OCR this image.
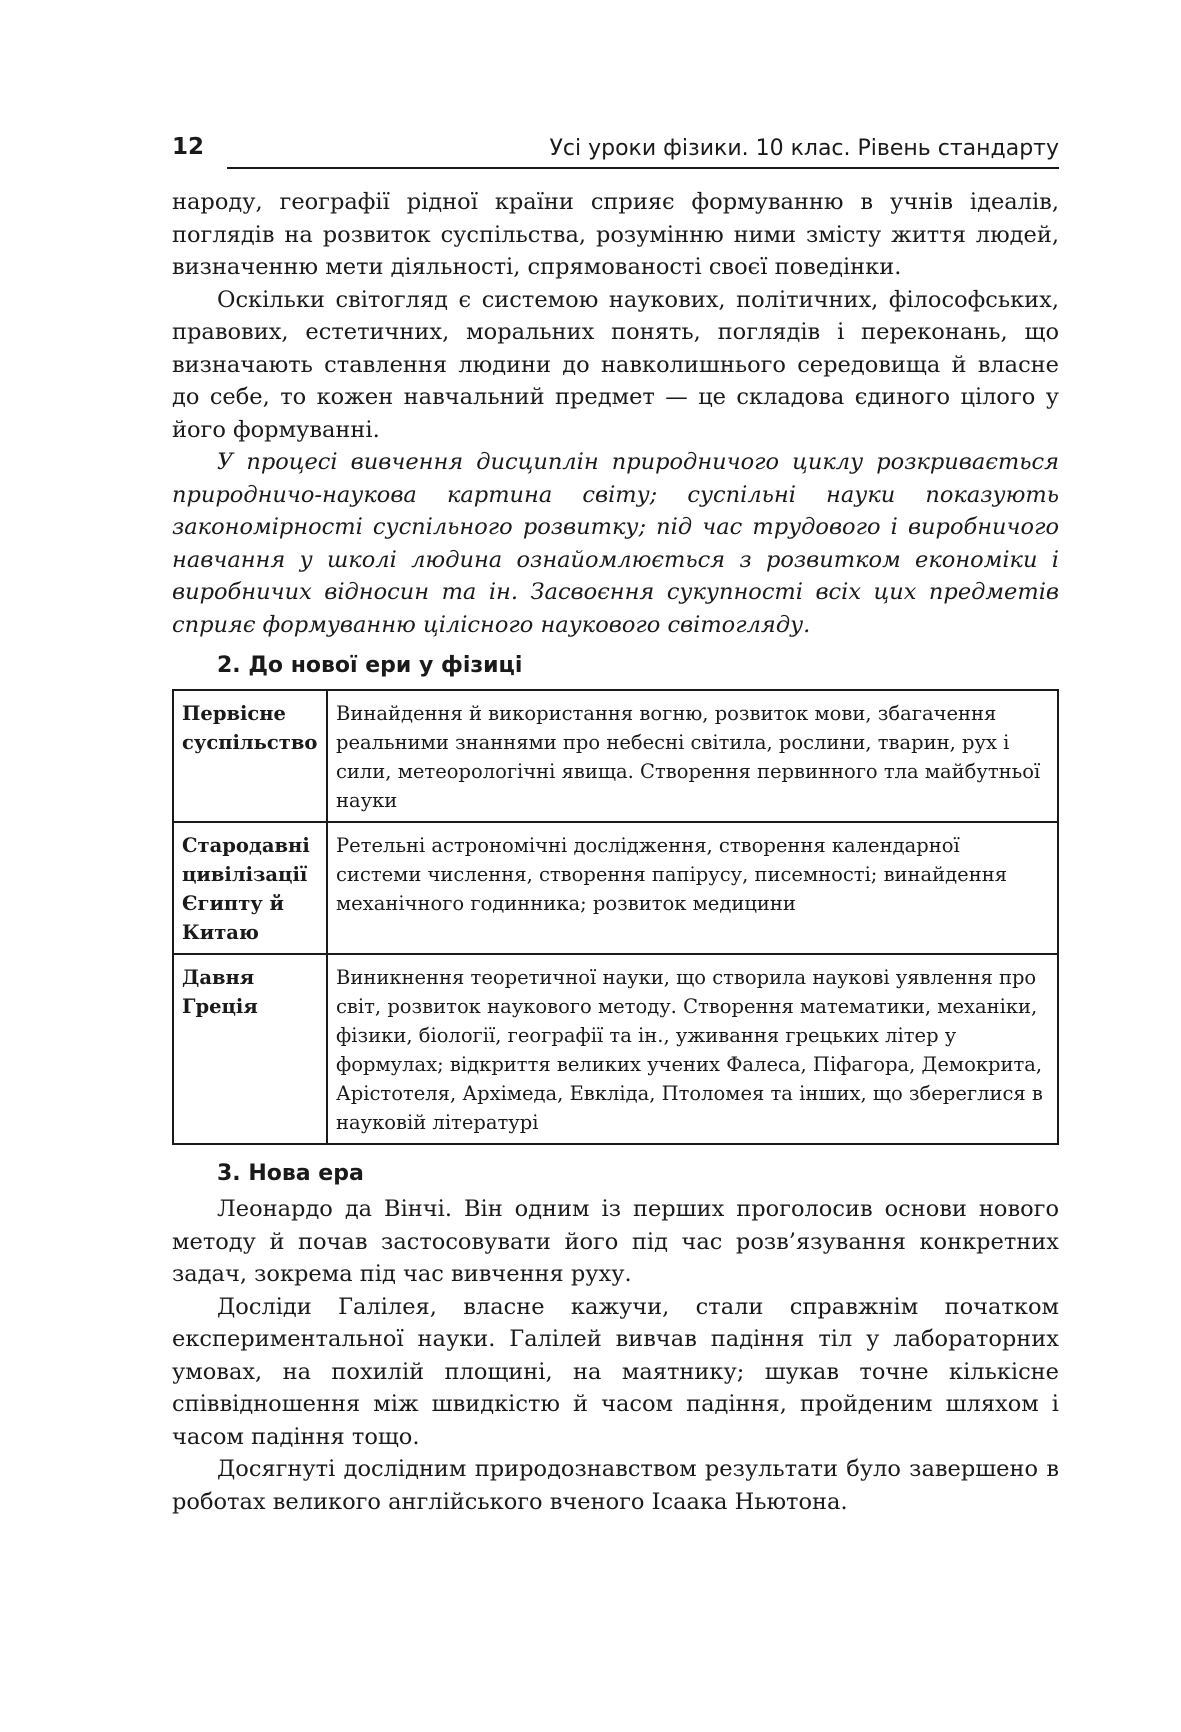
12	Усі уроки фізики. 10 клас. Рівень стандарту

народу, географії рідної країни сприяє формуванню в учнів ідеалів, поглядів на розвиток суспільства, розумінню ними змісту життя людей, визначенню мети діяльності, спрямованості своєї поведінки.

Оскільки світогляд є системою наукових, політичних, філософських, правових, естетичних, моральних понять, поглядів і переконань, що визначають ставлення людини до навколишнього середовища й власне до себе, то кожен навчальний предмет — це складова єдиного цілого у його формуванні.

У процесі вивчення дисциплін природничого циклу розкривається природничо-наукова картина світу; суспільні науки показують закономірності суспільного розвитку; під час трудового і виробничого навчання у школі людина ознайомлюється з розвитком економіки і виробничих відносин та ін. Засвоєння сукупності всіх цих предметів сприяє формуванню цілісного наукового світогляду.

2. До нової ери у фізиці
Первісне суспільство	Винайдення й використання вогню, розвиток мови, збагачення реальними знаннями про небесні світила, рослини, тварин, рух і сили, метеорологічні явища. Створення первинного тла майбутньої науки
Стародавні цивілізації Єгипту й Китаю	Ретельні астрономічні дослідження, створення календарної системи числення, створення папірусу, писемності; винайдення механічного годинника; розвиток медицини
Давня Греція	Виникнення теоретичної науки, що створила наукові уявлення про світ, розвиток наукового методу. Створення математики, механіки, фізики, біології, географії та ін., уживання грецьких літер у формулах; відкриття великих учених Фалеса, Піфагора, Демокрита, Арістотеля, Архімеда, Евкліда, Птоломея та інших, що збереглися в науковій літературі
3. Нова ера

Леонардо да Вінчі. Він одним із перших проголосив основи нового методу й почав застосовувати його під час розв’язування конкретних задач, зокрема під час вивчення руху.

Досліди Галілея, власне кажучи, стали справжнім початком експериментальної науки. Галілей вивчав падіння тіл у лабораторних умовах, на похилій площині, на маятнику; шукав точне кількісне співвідношення між швидкістю й часом падіння, пройденим шляхом і часом падіння тощо.

Досягнуті дослідним природознавством результати було завершено в роботах великого англійського вченого Ісаака Ньютона.
